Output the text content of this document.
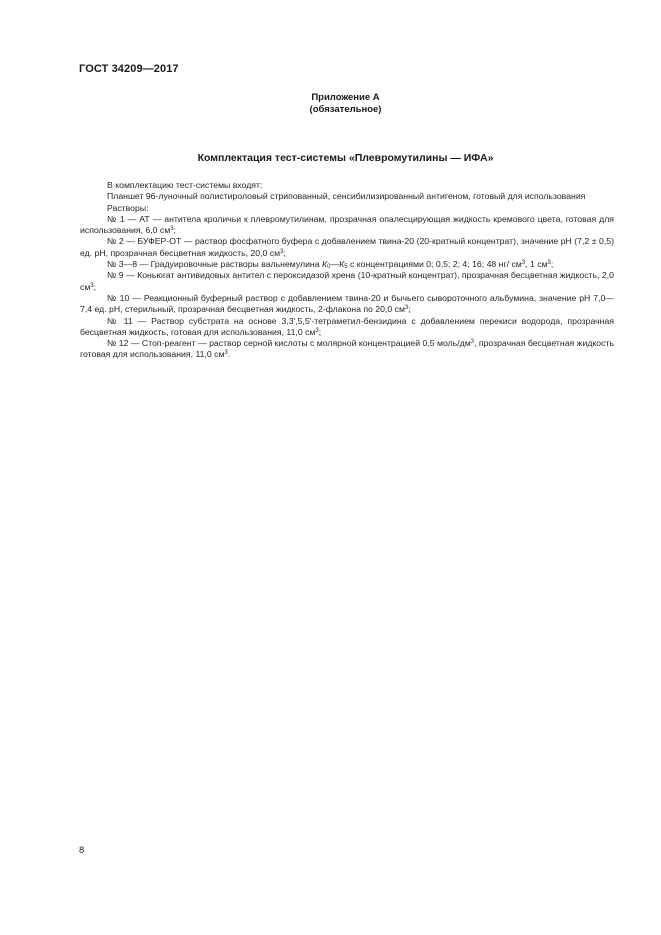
ГОСТ 34209—2017
Приложение А
(обязательное)
Комплектация тест-системы «Плевромутилины — ИФА»

В комплектацию тест-системы входят:

Планшет 96-луночный полистироловый стрипованный, сенсибилизированный антигеном, готовый для использования

Растворы:

№ 1 — АТ — антитела кроличьи к плевромутилинам, прозрачная опалесцирующая жидкость кремового цвета, готовая для использования, 6,0 $см^3$;

№ 2 — БУФЕР-ОТ — раствор фосфатного буфера с добавлением твина-20 (20-кратный концентрат), значение рН (7,2 ± 0,5) ед. рН, прозрачная бесцветная жидкость, 20,0 $см^3$;

№ 3—8 — Градуировочные растворы вальнемулина $К_0—К_5$ с концентрациями 0; 0,5; 2; 4; 16; 48 нг/ $см^3$, 1 $см^3$;

№ 9 — Коньюгат антивидовых антител с пероксидазой хрена (10-кратный концентрат), прозрачная бесцветная жидкость, 2,0 $см^3$;

№ 10 — Реакционный буферный раствор с добавлением твина-20 и бычьего сывороточного альбумина, значение рН 7,0—7,4 ед. рН, стерильный, прозрачная бесцветная жидкость, 2-флакона по 20,0 $см^3$;

№ 11 — Раствор субстрата на основе 3,3',5,5'-тетраметил-бензидина с добавлением перекиси водорода, прозрачная бесцветная жидкость, готовая для использования, 11,0 $см^3$;

№ 12 — Стоп-реагент — раствор серной кислоты с молярной концентрацией 0,5 моль/$дм^3$, прозрачная бесцветная жидкость готовая для использования, 11,0 $см^3$.

8
